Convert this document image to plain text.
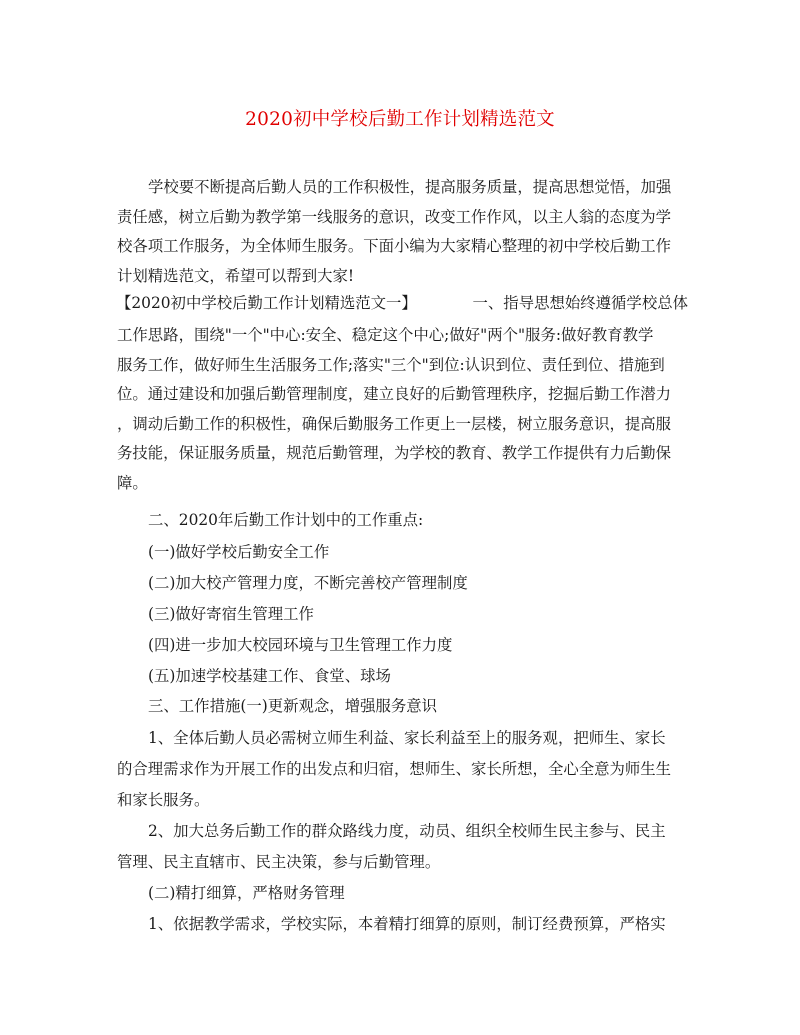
2020初中学校后勤工作计划精选范文
学校要不断提高后勤人员的工作积极性，提高服务质量，提高思想觉悟，加强
责任感，树立后勤为教学第一线服务的意识，改变工作作风，以主人翁的态度为学
校各项工作服务，为全体师生服务。下面小编为大家精心整理的初中学校后勤工作
计划精选范文，希望可以帮到大家!
【2020初中学校后勤工作计划精选范文一】	一、指导思想始终遵循学校总体
工作思路，围绕"一个"中心:安全、稳定这个中心;做好"两个"服务:做好教育教学
服务工作，做好师生生活服务工作;落实"三个"到位:认识到位、责任到位、措施到
位。通过建设和加强后勤管理制度，建立良好的后勤管理秩序，挖掘后勤工作潜力
，调动后勤工作的积极性，确保后勤服务工作更上一层楼，树立服务意识，提高服
务技能，保证服务质量，规范后勤管理，为学校的教育、教学工作提供有力后勤保
障。
二、2020年后勤工作计划中的工作重点:
(一)做好学校后勤安全工作
(二)加大校产管理力度，不断完善校产管理制度
(三)做好寄宿生管理工作
(四)进一步加大校园环境与卫生管理工作力度
(五)加速学校基建工作、食堂、球场
三、工作措施(一)更新观念，增强服务意识
1、全体后勤人员必需树立师生利益、家长利益至上的服务观，把师生、家长
的合理需求作为开展工作的出发点和归宿，想师生、家长所想，全心全意为师生生
和家长服务。
2、加大总务后勤工作的群众路线力度，动员、组织全校师生民主参与、民主
管理、民主直辖市、民主决策，参与后勤管理。
(二)精打细算，严格财务管理
1、依据教学需求，学校实际，本着精打细算的原则，制订经费预算，严格实
